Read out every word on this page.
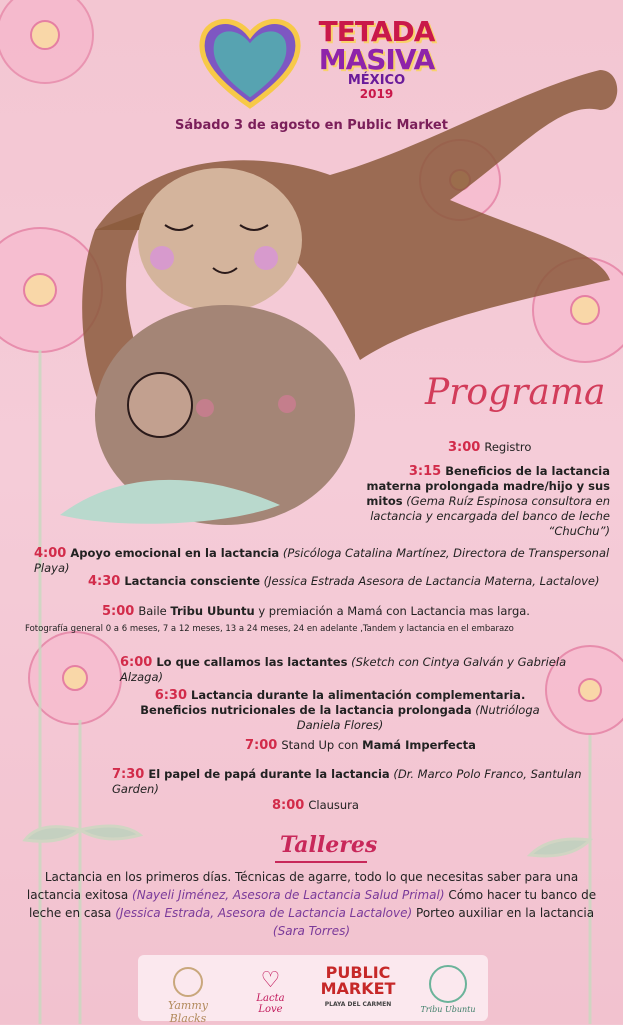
TETADA
MASIVA
MÉXICO
2019
Sábado 3 de agosto en Public Market
Programa
3:00 Registro
3:15 Beneficios de la lactancia materna prolongada madre/hijo y sus mitos (Gema Ruíz Espinosa consultora en lactancia y encargada del banco de leche “ChuChu”)
4:00 Apoyo emocional en la lactancia (Psicóloga Catalina Martínez, Directora de Transpersonal Playa)
4:30 Lactancia consciente (Jessica Estrada Asesora de Lactancia Materna, Lactalove)
5:00 Baile Tribu Ubuntu y premiación a Mamá con Lactancia mas larga.
Fotografía general 0 a 6 meses, 7 a 12 meses, 13 a 24 meses, 24 en adelante ,Tandem y lactancia en el embarazo
6:00 Lo que callamos las lactantes (Sketch con Cintya Galván y Gabriela Alzaga)
6:30 Lactancia durante la alimentación complementaria. Beneficios nutricionales de la lactancia prolongada (Nutrióloga Daniela Flores)
7:00 Stand Up con Mamá Imperfecta
7:30 El papel de papá durante la lactancia (Dr. Marco Polo Franco, Santulan Garden)
8:00 Clausura
Talleres
Lactancia en los primeros días. Técnicas de agarre, todo lo que necesitas saber para una lactancia exitosa (Nayeli Jiménez, Asesora de Lactancia Salud Primal) Cómo hacer tu banco de leche en casa (Jessica Estrada, Asesora de Lactancia Lactalove) Porteo auxiliar en la lactancia (Sara Torres)
Yammy Blacks
♡
Lacta Love
PUBLIC
MARKET
PLAYA DEL CARMEN
Tribu Ubuntu
